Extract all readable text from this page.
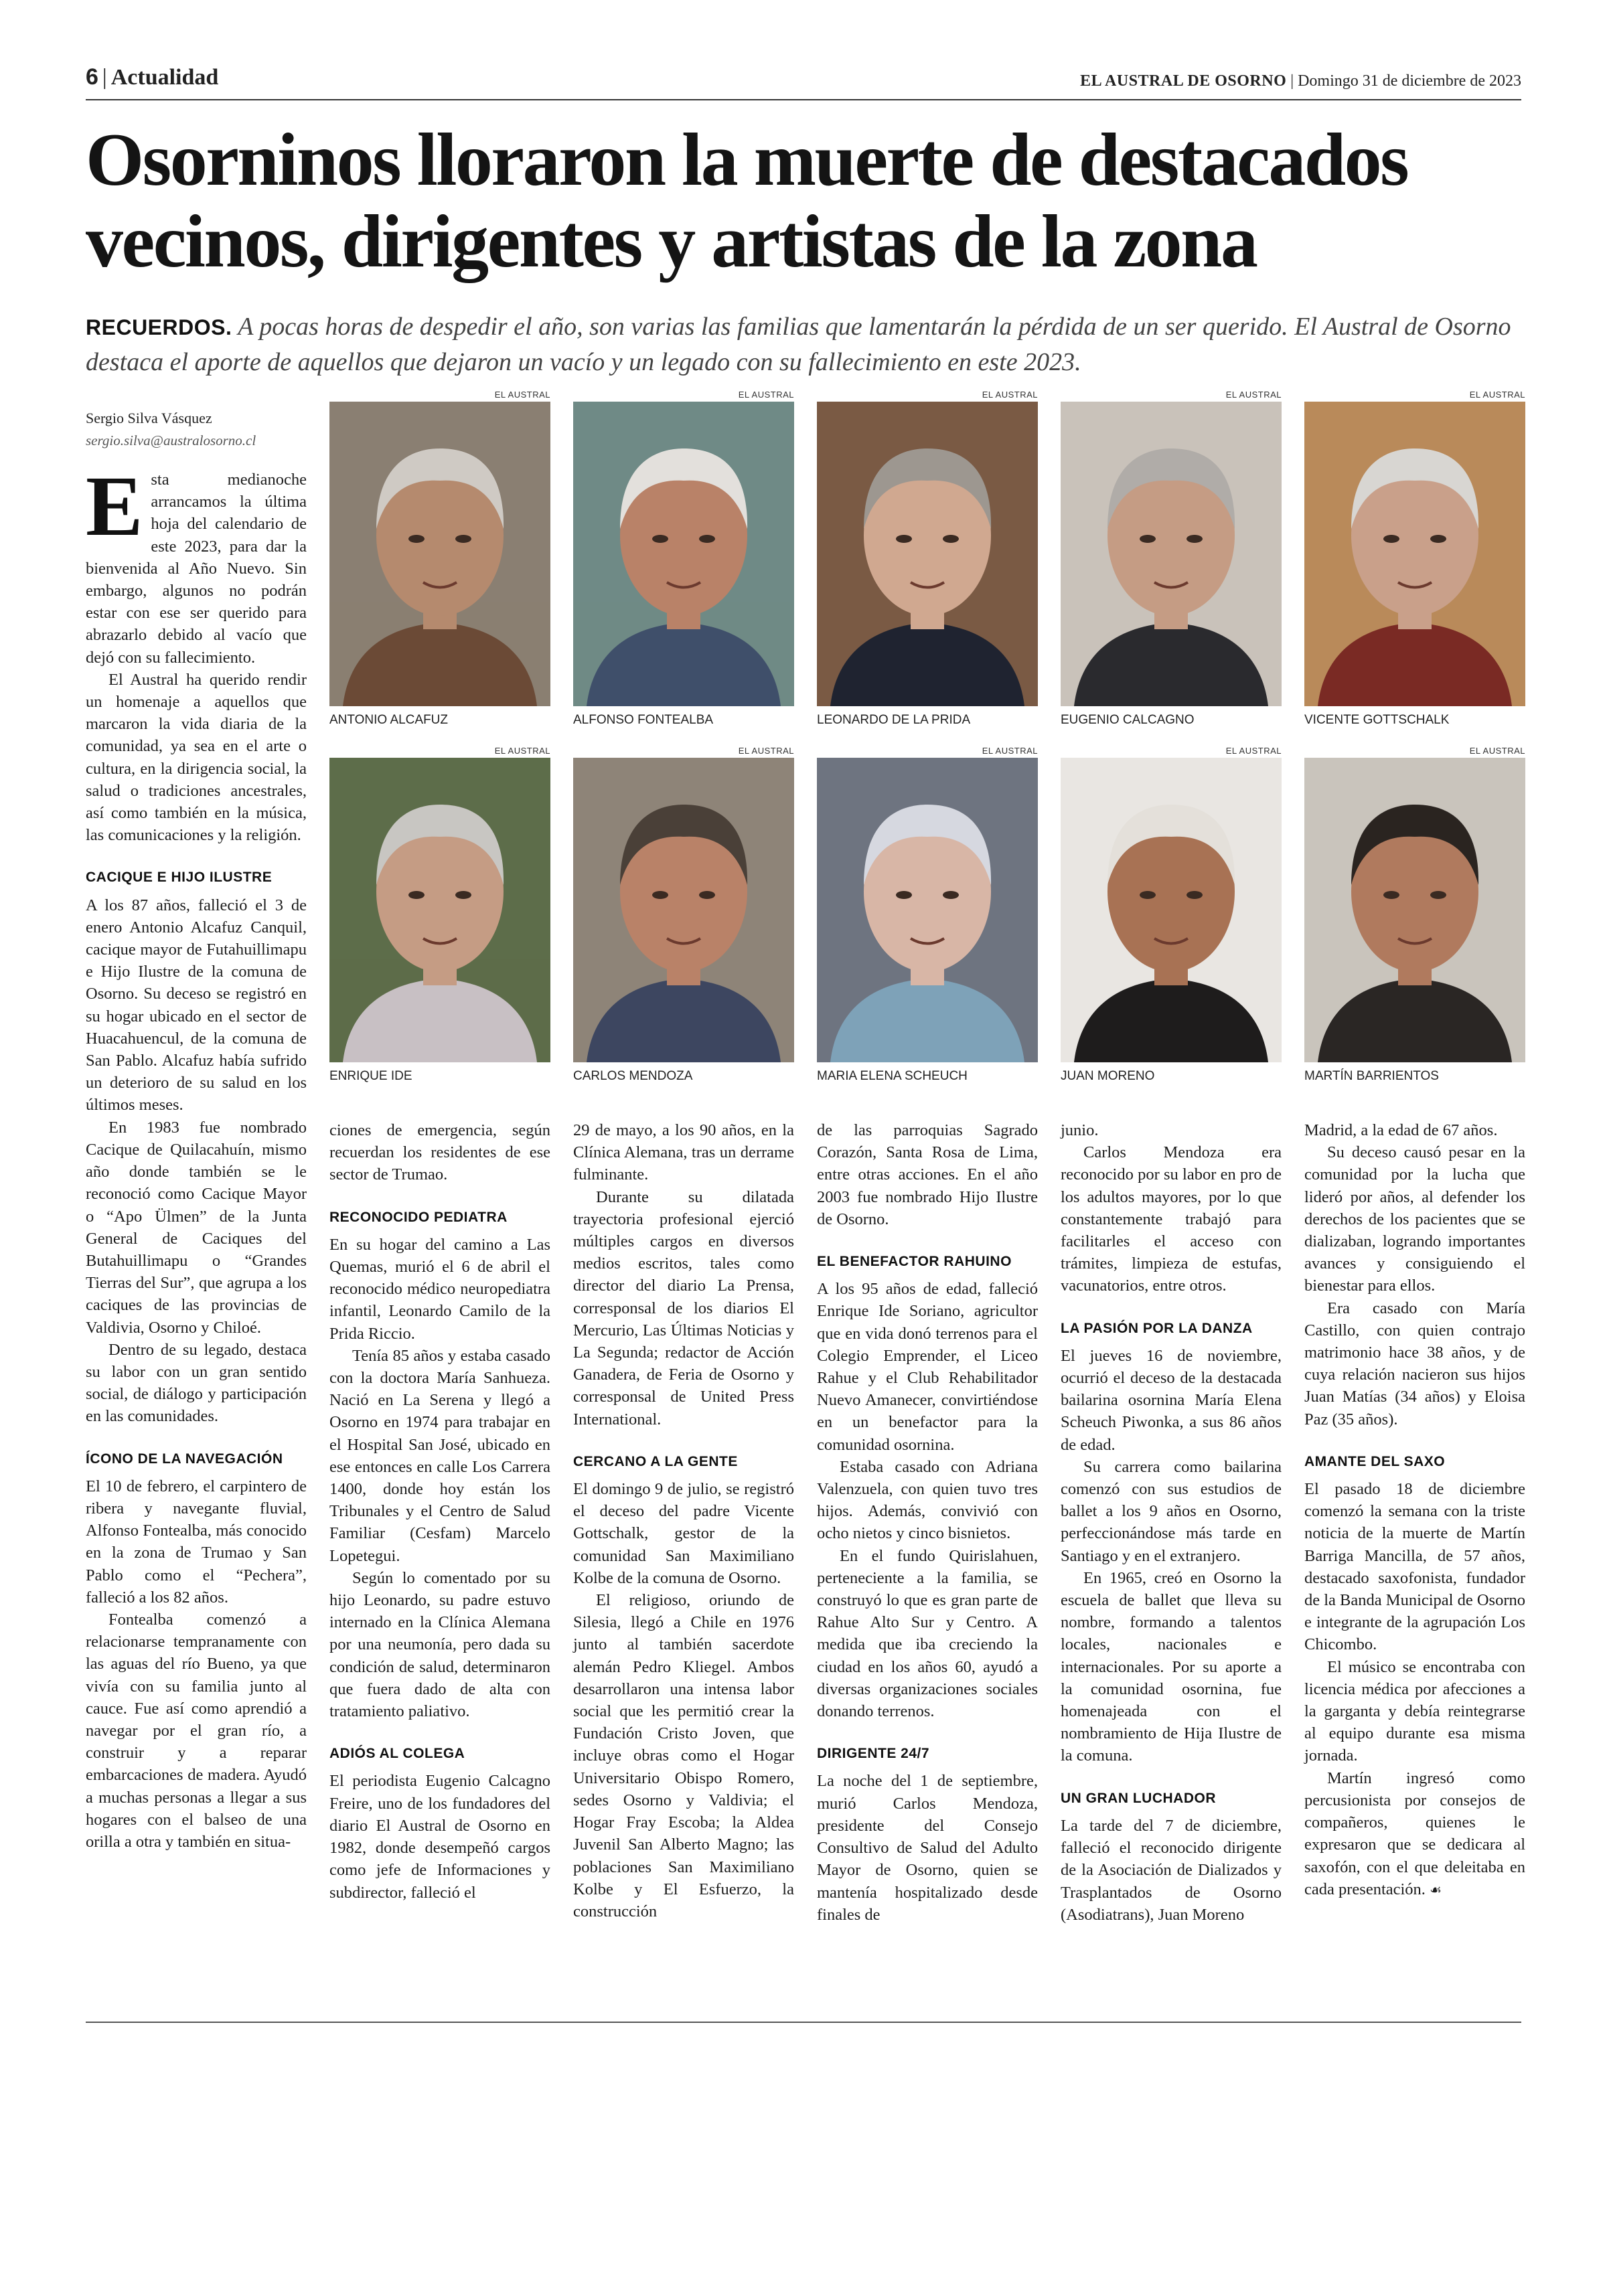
6 | Actualidad	EL AUSTRAL DE OSORNO | Domingo 31 de diciembre de 2023
Osorninos lloraron la muerte de destacados vecinos, dirigentes y artistas de la zona
RECUERDOS. A pocas horas de despedir el año, son varias las familias que lamentarán la pérdida de un ser querido. El Austral de Osorno destaca el aporte de aquellos que dejaron un vacío y un legado con su fallecimiento en este 2023.
Sergio Silva Vásquez
sergio.silva@australosorno.cl
EL AUSTRAL
ANTONIO ALCAFUZ
EL AUSTRAL
ALFONSO FONTEALBA
EL AUSTRAL
LEONARDO DE LA PRIDA
EL AUSTRAL
EUGENIO CALCAGNO
EL AUSTRAL
VICENTE GOTTSCHALK
EL AUSTRAL
ENRIQUE IDE
EL AUSTRAL
CARLOS MENDOZA
EL AUSTRAL
MARIA ELENA SCHEUCH
EL AUSTRAL
JUAN MORENO
EL AUSTRAL
MARTÍN BARRIENTOS

Esta medianoche arrancamos la última hoja del calendario de este 2023, para dar la bienvenida al Año Nuevo. Sin embargo, algunos no podrán estar con ese ser querido para abrazarlo debido al vacío que dejó con su fallecimiento.

El Austral ha querido rendir un homenaje a aquellos que marcaron la vida diaria de la comunidad, ya sea en el arte o cultura, en la dirigencia social, la salud o tradiciones ancestrales, así como también en la música, las comunicaciones y la religión.

CACIQUE E HIJO ILUSTRE

A los 87 años, falleció el 3 de enero Antonio Alcafuz Canquil, cacique mayor de Futahuillimapu e Hijo Ilustre de la comuna de Osorno. Su deceso se registró en su hogar ubicado en el sector de Huacahuencul, de la comuna de San Pablo. Alcafuz había sufrido un deterioro de su salud en los últimos meses.

En 1983 fue nombrado Cacique de Quilacahuín, mismo año donde también se le reconoció como Cacique Mayor o “Apo Ülmen” de la Junta General de Caciques del Butahuillimapu o “Grandes Tierras del Sur”, que agrupa a los caciques de las provincias de Valdivia, Osorno y Chiloé.

Dentro de su legado, destaca su labor con un gran sentido social, de diálogo y participación en las comunidades.

ÍCONO DE LA NAVEGACIÓN

El 10 de febrero, el carpintero de ribera y navegante fluvial, Alfonso Fontealba, más conocido en la zona de Trumao y San Pablo como el “Pechera”, falleció a los 82 años.

Fontealba comenzó a relacionarse tempranamente con las aguas del río Bueno, ya que vivía con su familia junto al cauce. Fue así como aprendió a navegar por el gran río, a construir y a reparar embarcaciones de madera. Ayudó a muchas personas a llegar a sus hogares con el balseo de una orilla a otra y también en situa-

ciones de emergencia, según recuerdan los residentes de ese sector de Trumao.

RECONOCIDO PEDIATRA

En su hogar del camino a Las Quemas, murió el 6 de abril el reconocido médico neuropediatra infantil, Leonardo Camilo de la Prida Riccio.

Tenía 85 años y estaba casado con la doctora María Sanhueza. Nació en La Serena y llegó a Osorno en 1974 para trabajar en el Hospital San José, ubicado en ese entonces en calle Los Carrera 1400, donde hoy están los Tribunales y el Centro de Salud Familiar (Cesfam) Marcelo Lopetegui.

Según lo comentado por su hijo Leonardo, su padre estuvo internado en la Clínica Alemana por una neumonía, pero dada su condición de salud, determinaron que fuera dado de alta con tratamiento paliativo.

ADIÓS AL COLEGA

El periodista Eugenio Calcagno Freire, uno de los fundadores del diario El Austral de Osorno en 1982, donde desempeñó cargos como jefe de Informaciones y subdirector, falleció el

29 de mayo, a los 90 años, en la Clínica Alemana, tras un derrame fulminante.

Durante su dilatada trayectoria profesional ejerció múltiples cargos en diversos medios escritos, tales como director del diario La Prensa, corresponsal de los diarios El Mercurio, Las Últimas Noticias y La Segunda; redactor de Acción Ganadera, de Feria de Osorno y corresponsal de United Press International.

CERCANO A LA GENTE

El domingo 9 de julio, se registró el deceso del padre Vicente Gottschalk, gestor de la comunidad San Maximiliano Kolbe de la comuna de Osorno.

El religioso, oriundo de Silesia, llegó a Chile en 1976 junto al también sacerdote alemán Pedro Kliegel. Ambos desarrollaron una intensa labor social que les permitió crear la Fundación Cristo Joven, que incluye obras como el Hogar Universitario Obispo Romero, sedes Osorno y Valdivia; el Hogar Fray Escoba; la Aldea Juvenil San Alberto Magno; las poblaciones San Maximiliano Kolbe y El Esfuerzo, la construcción

de las parroquias Sagrado Corazón, Santa Rosa de Lima, entre otras acciones. En el año 2003 fue nombrado Hijo Ilustre de Osorno.

EL BENEFACTOR RAHUINO

A los 95 años de edad, falleció Enrique Ide Soriano, agricultor que en vida donó terrenos para el Colegio Emprender, el Liceo Rahue y el Club Rehabilitador Nuevo Amanecer, convirtiéndose en un benefactor para la comunidad osornina.

Estaba casado con Adriana Valenzuela, con quien tuvo tres hijos. Además, convivió con ocho nietos y cinco bisnietos.

En el fundo Quirislahuen, perteneciente a la familia, se construyó lo que es gran parte de Rahue Alto Sur y Centro. A medida que iba creciendo la ciudad en los años 60, ayudó a diversas organizaciones sociales donando terrenos.

DIRIGENTE 24/7

La noche del 1 de septiembre, murió Carlos Mendoza, presidente del Consejo Consultivo de Salud del Adulto Mayor de Osorno, quien se mantenía hospitalizado desde finales de

junio.

Carlos Mendoza era reconocido por su labor en pro de los adultos mayores, por lo que constantemente trabajó para facilitarles el acceso con trámites, limpieza de estufas, vacunatorios, entre otros.

LA PASIÓN POR LA DANZA

El jueves 16 de noviembre, ocurrió el deceso de la destacada bailarina osornina María Elena Scheuch Piwonka, a sus 86 años de edad.

Su carrera como bailarina comenzó con sus estudios de ballet a los 9 años en Osorno, perfeccionándose más tarde en Santiago y en el extranjero.

En 1965, creó en Osorno la escuela de ballet que lleva su nombre, formando a talentos locales, nacionales e internacionales. Por su aporte a la comunidad osornina, fue homenajeada con el nombramiento de Hija Ilustre de la comuna.

UN GRAN LUCHADOR

La tarde del 7 de diciembre, falleció el reconocido dirigente de la Asociación de Dializados y Trasplantados de Osorno (Asodiatrans), Juan Moreno

Madrid, a la edad de 67 años.

Su deceso causó pesar en la comunidad por la lucha que lideró por años, al defender los derechos de los pacientes que se dializaban, logrando importantes avances y consiguiendo el bienestar para ellos.

Era casado con María Castillo, con quien contrajo matrimonio hace 38 años, y de cuya relación nacieron sus hijos Juan Matías (34 años) y Eloisa Paz (35 años).

AMANTE DEL SAXO

El pasado 18 de diciembre comenzó la semana con la triste noticia de la muerte de Martín Barriga Mancilla, de 57 años, destacado saxofonista, fundador de la Banda Municipal de Osorno e integrante de la agrupación Los Chicombo.

El músico se encontraba con licencia médica por afecciones a la garganta y debía reintegrarse al equipo durante esa misma jornada.

Martín ingresó como percusionista por consejos de compañeros, quienes le expresaron que se dedicara al saxofón, con el que deleitaba en cada presentación. ☙
